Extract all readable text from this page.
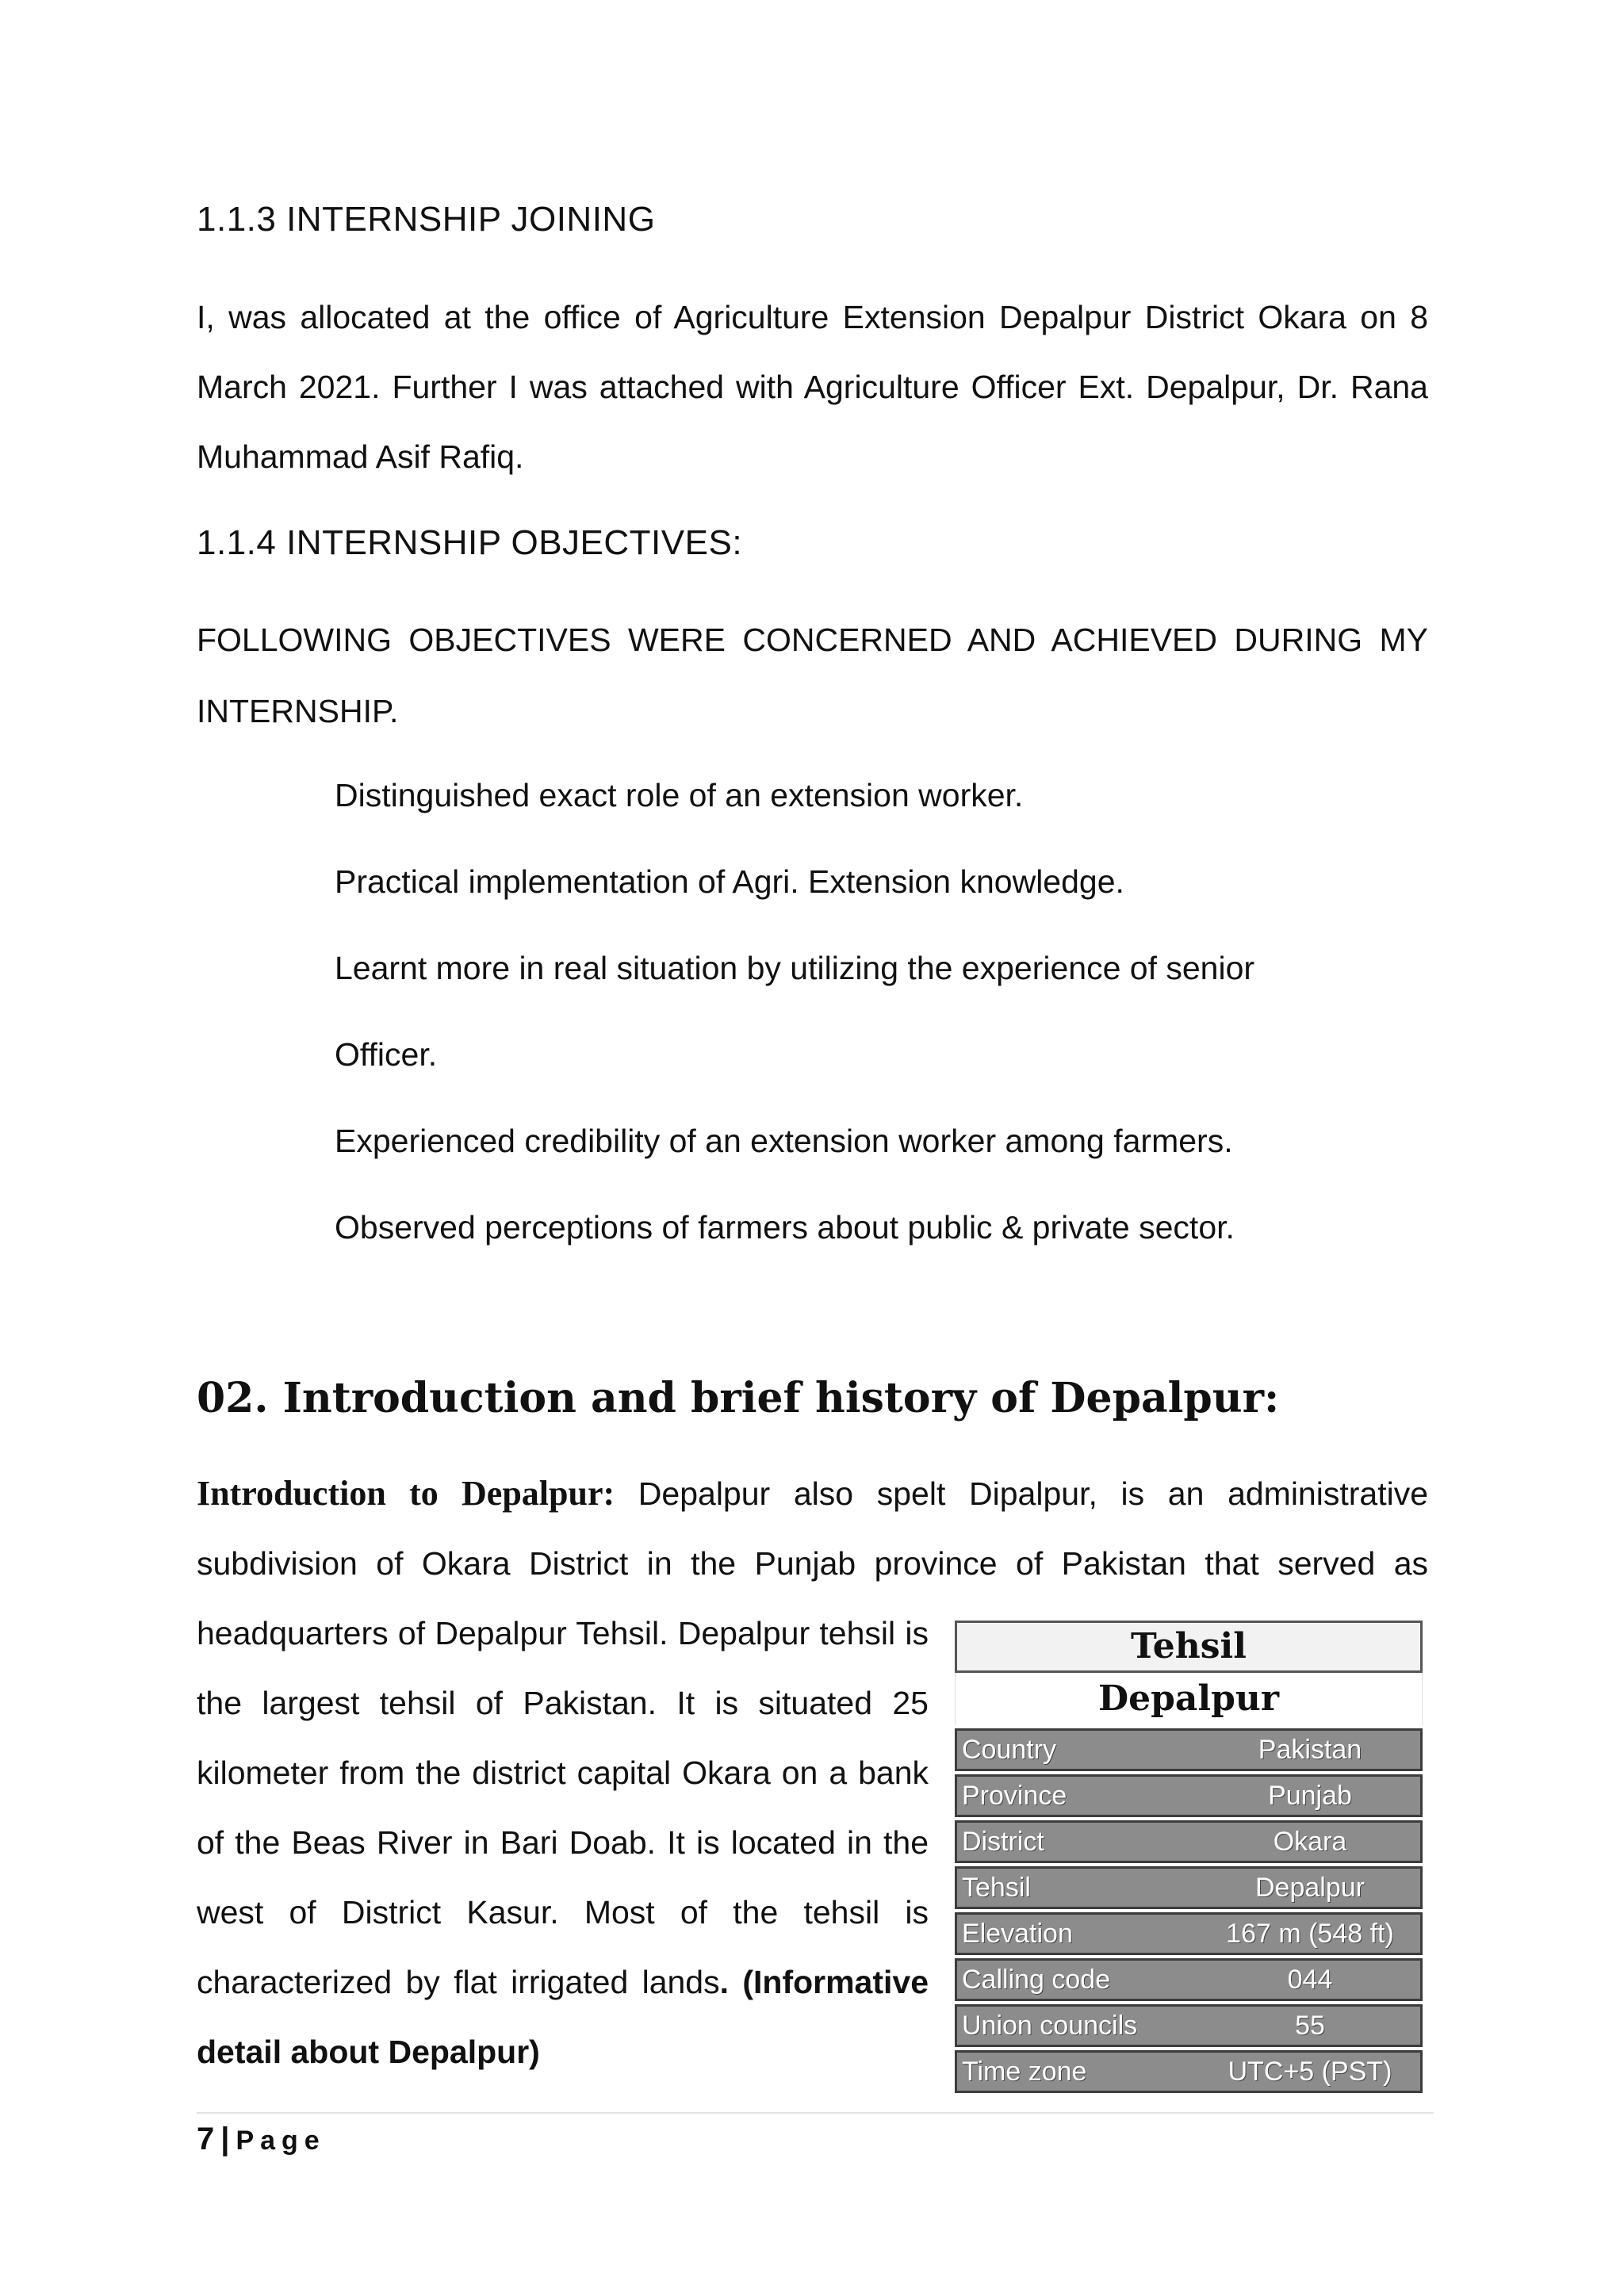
1.1.3 INTERNSHIP JOINING

I, was allocated at the office of Agriculture Extension Depalpur District Okara on 8 March 2021. Further I was attached with Agriculture Officer Ext. Depalpur, Dr. Rana Muhammad Asif Rafiq.

1.1.4 INTERNSHIP OBJECTIVES:

FOLLOWING OBJECTIVES WERE CONCERNED AND ACHIEVED DURING MY INTERNSHIP.

Distinguished exact role of an extension worker.
Practical implementation of Agri. Extension knowledge.
Learnt more in real situation by utilizing the experience of senior
Officer.
Experienced credibility of an extension worker among farmers.
Observed perceptions of farmers about public & private sector.
02. Introduction and brief history of Depalpur:

Introduction to Depalpur: Depalpur also spelt Dipalpur, is an administrative subdivision of Okara District in the Punjab province of Pakistan that served as

headquarters of Depalpur Tehsil. Depalpur tehsil is the largest tehsil of Pakistan. It is situated 25 kilometer from the district capital Okara on a bank of the Beas River in Bari Doab. It is located in the west of District Kasur. Most of the tehsil is characterized by flat irrigated lands. (Informative detail about Depalpur)

Tehsil
Depalpur
Country	Pakistan
Province	Punjab
District	Okara
Tehsil	Depalpur
Elevation	167 m (548 ft)
Calling code	044
Union councils	55
Time zone	UTC+5 (PST)
7 | Page
